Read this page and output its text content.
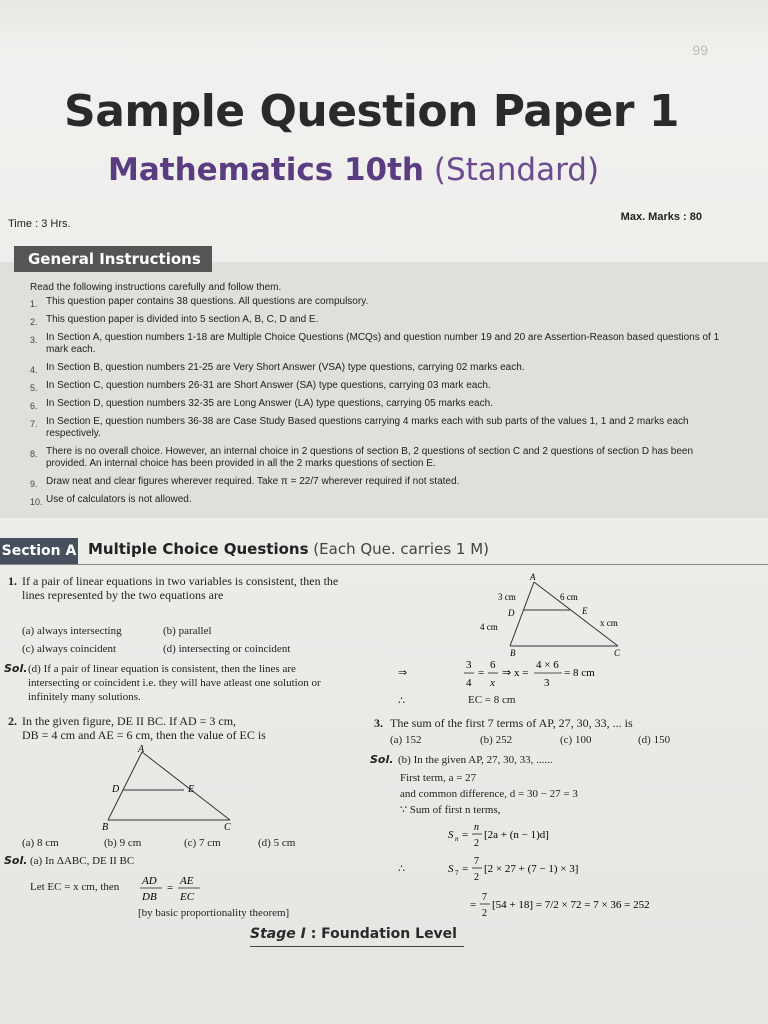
99
Sample Question Paper 1
Mathematics 10th (Standard)
Time : 3 Hrs.
Max. Marks : 80
General Instructions
Read the following instructions carefully and follow them.
1. This question paper contains 38 questions. All questions are compulsory.
2. This question paper is divided into 5 section A, B, C, D and E.
3. In Section A, question numbers 1-18 are Multiple Choice Questions (MCQs) and question number 19 and 20 are Assertion-Reason based questions of 1 mark each.
4. In Section B, question numbers 21-25 are Very Short Answer (VSA) type questions, carrying 02 marks each.
5. In Section C, question numbers 26-31 are Short Answer (SA) type questions, carrying 03 mark each.
6. In Section D, question numbers 32-35 are Long Answer (LA) type questions, carrying 05 marks each.
7. In Section E, question numbers 36-38 are Case Study Based questions carrying 4 marks each with sub parts of the values 1, 1 and 2 marks each respectively.
8. There is no overall choice. However, an internal choice in 2 questions of section B, 2 questions of section C and 2 questions of section D has been provided. An internal choice has been provided in all the 2 marks questions of section E.
9. Draw neat and clear figures wherever required. Take π = 22/7 wherever required if not stated.
10. Use of calculators is not allowed.
Section A Multiple Choice Questions (Each Que. carries 1 M)
1. If a pair of linear equations in two variables is consistent, then the lines represented by the two equations are
(a) always intersecting	(b) parallel
(c) always coincident	(d) intersecting or coincident
Sol. (d) If a pair of linear equation is consistent, then the lines are intersecting or coincident i.e. they will have atleast one solution or infinitely many solutions.
2. In the given figure, DE II BC. If AD = 3 cm,
DB = 4 cm and AE = 6 cm, then the value of EC is
A
D	E
B	C
(a) 8 cm	(b) 9 cm	(c) 7 cm	(d) 5 cm
Sol. (a) In ΔABC, DE II BC
Let EC = x cm, then AD
DB
=
AE
EC
[by basic proportionality theorem]
A
D	E
B	C
3 cm	6 cm
4 cm	x cm
⇒
3
4
=
6
x
⇒ x =
4 × 6
3
= 8 cm
∴	EC = 8 cm
3. The sum of the first 7 terms of AP, 27, 30, 33, ... is
(a) 152	(b) 252	(c) 100	(d) 150
Sol. (b) In the given AP, 27, 30, 33, ......
First term, a = 27
and common difference, d = 30 − 27 = 3
∵ Sum of first n terms,
S n =
n
2
[2a + (n − 1)d]
∴	S 7 =
7
2
[2 × 27 + (7 − 1) × 3]
=
7
2
[54 + 18] = 7/2 × 72 = 7 × 36 = 252
Stage I : Foundation Level
